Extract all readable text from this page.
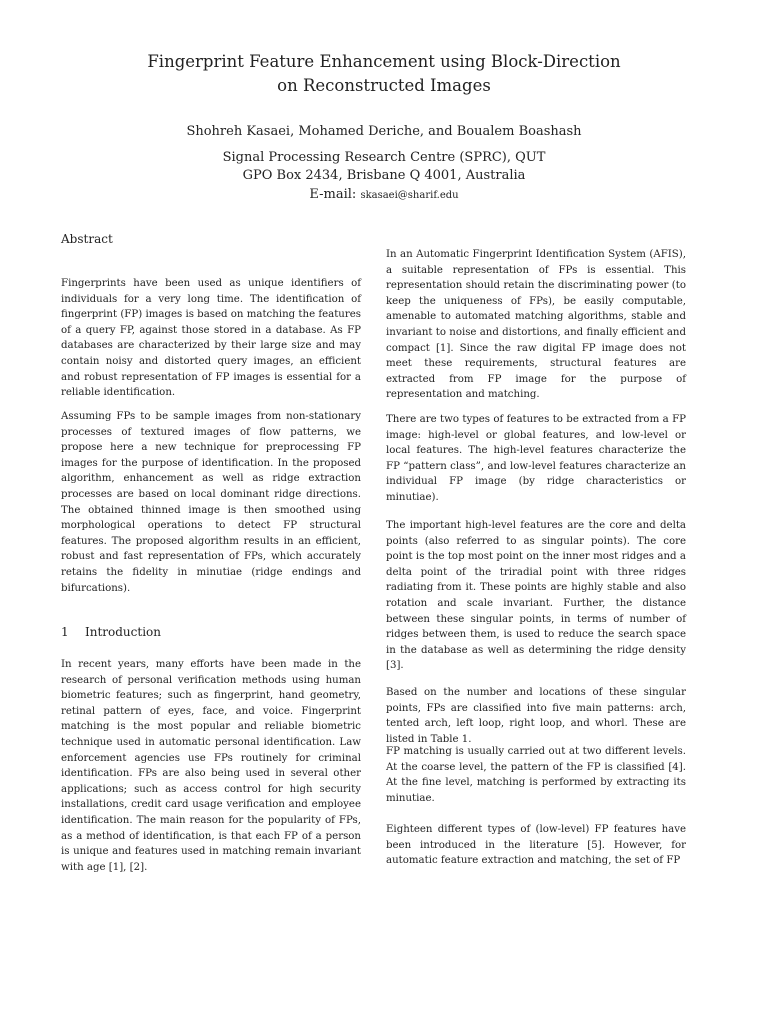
Fingerprint Feature Enhancement using Block-Direction
on Reconstructed Images
Shohreh Kasaei, Mohamed Deriche, and Boualem Boashash
Signal Processing Research Centre (SPRC), QUT
GPO Box 2434, Brisbane Q 4001, Australia
E-mail: skasaei@sharif.edu
Abstract

Fingerprints have been used as unique identifiers of individuals for a very long time. The identification of fingerprint (FP) images is based on matching the features of a query FP, against those stored in a database. As FP databases are characterized by their large size and may contain noisy and distorted query images, an efficient and robust representation of FP images is essential for a reliable identification.

Assuming FPs to be sample images from non-stationary processes of textured images of flow patterns, we propose here a new technique for preprocessing FP images for the purpose of identification. In the proposed algorithm, enhancement as well as ridge extraction processes are based on local dominant ridge directions. The obtained thinned image is then smoothed using morphological operations to detect FP structural features. The proposed algorithm results in an efficient, robust and fast representation of FPs, which accurately retains the fidelity in minutiae (ridge endings and bifurcations).

1 Introduction

In recent years, many efforts have been made in the research of personal verification methods using human biometric features; such as fingerprint, hand geometry, retinal pattern of eyes, face, and voice. Fingerprint matching is the most popular and reliable biometric technique used in automatic personal identification. Law enforcement agencies use FPs routinely for criminal identification. FPs are also being used in several other applications; such as access control for high security installations, credit card usage verification and employee identification. The main reason for the popularity of FPs, as a method of identification, is that each FP of a person is unique and features used in matching remain invariant with age [1], [2].

In an Automatic Fingerprint Identification System (AFIS), a suitable representation of FPs is essential. This representation should retain the discriminating power (to keep the uniqueness of FPs), be easily computable, amenable to automated matching algorithms, stable and invariant to noise and distortions, and finally efficient and compact [1]. Since the raw digital FP image does not meet these requirements, structural features are extracted from FP image for the purpose of representation and matching.

There are two types of features to be extracted from a FP image: high-level or global features, and low-level or local features. The high-level features characterize the FP “pattern class”, and low-level features characterize an individual FP image (by ridge characteristics or minutiae).

The important high-level features are the core and delta points (also referred to as singular points). The core point is the top most point on the inner most ridges and a delta point of the triradial point with three ridges radiating from it. These points are highly stable and also rotation and scale invariant. Further, the distance between these singular points, in terms of number of ridges between them, is used to reduce the search space in the database as well as determining the ridge density [3].

Based on the number and locations of these singular points, FPs are classified into five main patterns: arch, tented arch, left loop, right loop, and whorl. These are listed in Table 1.

FP matching is usually carried out at two different levels. At the coarse level, the pattern of the FP is classified [4]. At the fine level, matching is performed by extracting its minutiae.

Eighteen different types of (low-level) FP features have been introduced in the literature [5]. However, for automatic feature extraction and matching, the set of FP
